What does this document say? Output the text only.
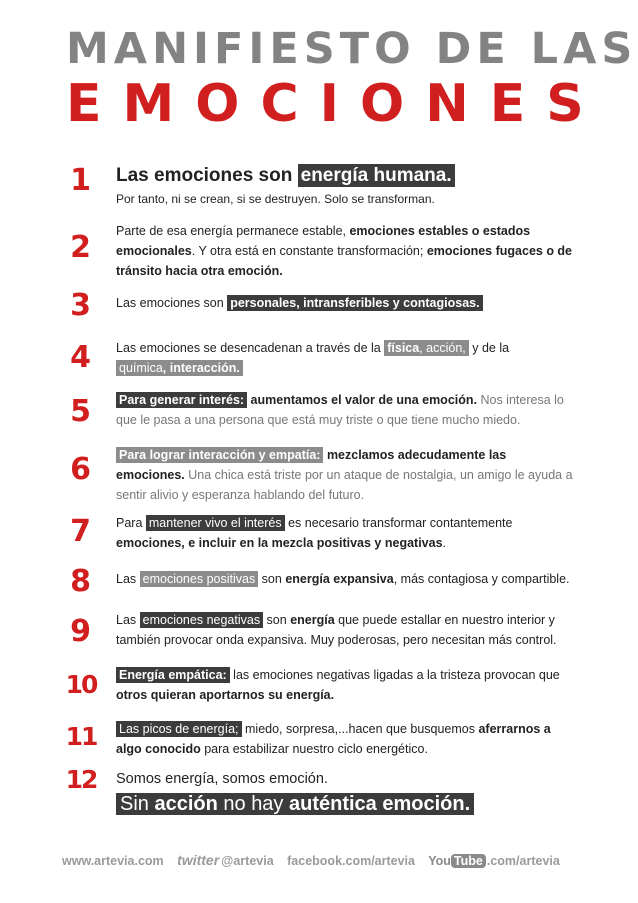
MANIFIESTO DE LAS
EMOCIONES
1	Las emociones son energía humana.
Por tanto, ni se crean, si se destruyen. Solo se transforman.
2	Parte de esa energía permanece estable, emociones estables o estados emocionales. Y otra está en constante transformación; emociones fugaces o de tránsito hacia otra emoción.
3	Las emociones son personales, intransferibles y contagiosas.
4	Las emociones se desencadenan a través de la física, acción, y de la
química, interacción.
5	Para generar interés: aumentamos el valor de una emoción. Nos interesa lo que le pasa a una persona que está muy triste o que tiene mucho miedo.
6	Para lograr interacción y empatía: mezclamos adecudamente las emociones. Una chica está triste por un ataque de nostalgia, un amigo le ayuda a sentir alivio y esperanza hablando del futuro.
7	Para mantener vivo el interés es necesario transformar contantemente emociones, e incluir en la mezcla positivas y negativas.
8	Las emociones positivas son energía expansiva, más contagiosa y compartible.
9	Las emociones negativas son energía que puede estallar en nuestro interior y también provocar onda expansiva. Muy poderosas, pero necesitan más control.
10	Energía empática: las emociones negativas ligadas a la tristeza provocan que otros quieran aportarnos su energía.
11	Las picos de energía; miedo, sorpresa,...hacen que busquemos aferrarnos a algo conocido para estabilizar nuestro ciclo energético.
12	Somos energía, somos emoción.
Sin acción no hay auténtica emoción.
www.artevia.com twitter @artevia facebook.com/artevia You Tube .com/artevia
